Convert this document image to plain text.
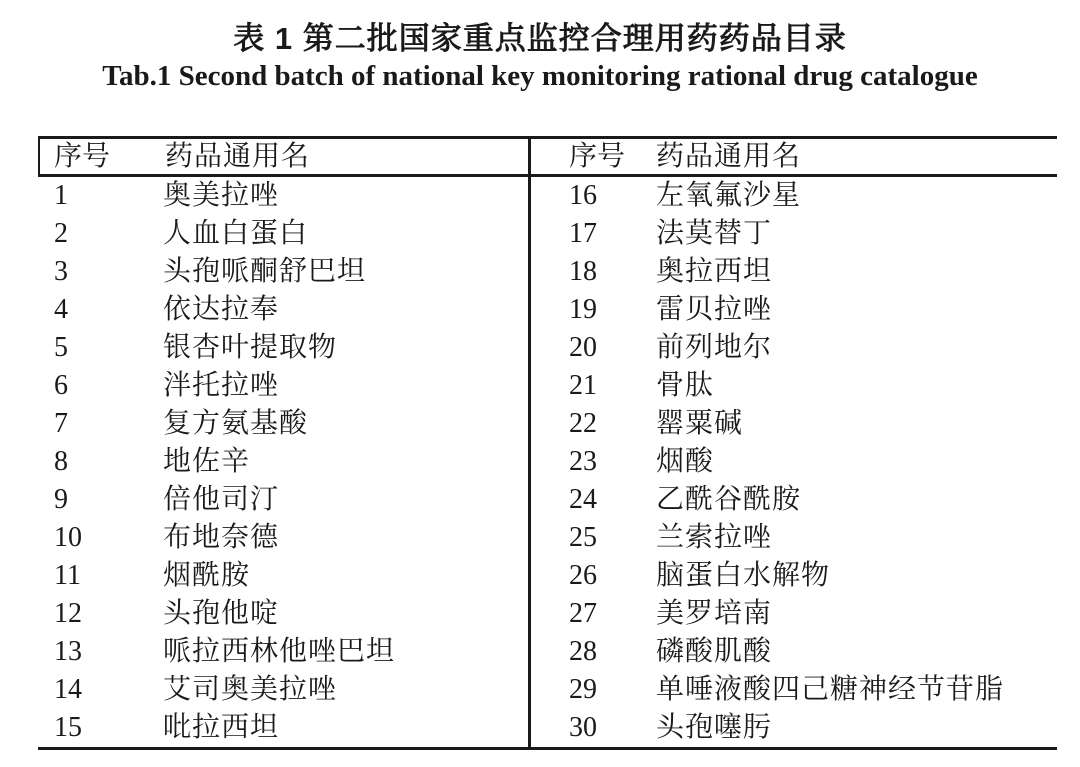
表 1 第二批国家重点监控合理用药药品目录
Tab.1 Second batch of national key monitoring rational drug catalogue
序号	药品通用名
1	奥美拉唑
2	人血白蛋白
3	头孢哌酮舒巴坦
4	依达拉奉
5	银杏叶提取物
6	泮托拉唑
7	复方氨基酸
8	地佐辛
9	倍他司汀
10	布地奈德
11	烟酰胺
12	头孢他啶
13	哌拉西林他唑巴坦
14	艾司奥美拉唑
15	吡拉西坦
序号	药品通用名
16	左氧氟沙星
17	法莫替丁
18	奥拉西坦
19	雷贝拉唑
20	前列地尔
21	骨肽
22	罂粟碱
23	烟酸
24	乙酰谷酰胺
25	兰索拉唑
26	脑蛋白水解物
27	美罗培南
28	磷酸肌酸
29	单唾液酸四己糖神经节苷脂
30	头孢噻肟
